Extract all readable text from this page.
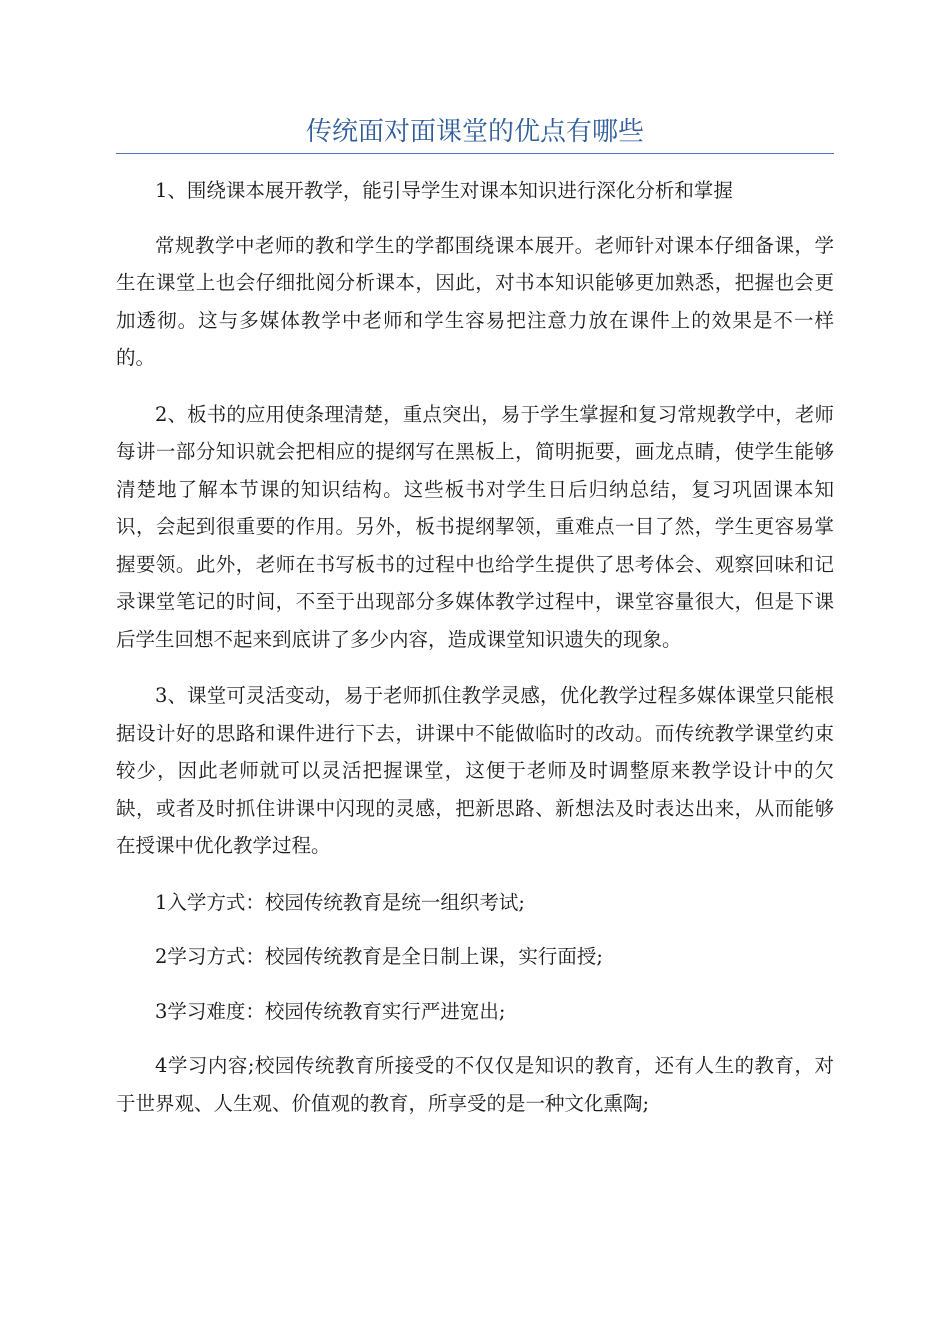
传统面对面课堂的优点有哪些

1、围绕课本展开教学，能引导学生对课本知识进行深化分析和掌握

常规教学中老师的教和学生的学都围绕课本展开。老师针对课本仔细备课，学生在课堂上也会仔细批阅分析课本，因此，对书本知识能够更加熟悉，把握也会更加透彻。这与多媒体教学中老师和学生容易把注意力放在课件上的效果是不一样的。

2、板书的应用使条理清楚，重点突出，易于学生掌握和复习常规教学中，老师每讲一部分知识就会把相应的提纲写在黑板上，简明扼要，画龙点睛，使学生能够清楚地了解本节课的知识结构。这些板书对学生日后归纳总结，复习巩固课本知识，会起到很重要的作用。另外，板书提纲挈领，重难点一目了然，学生更容易掌握要领。此外，老师在书写板书的过程中也给学生提供了思考体会、观察回味和记录课堂笔记的时间，不至于出现部分多媒体教学过程中，课堂容量很大，但是下课后学生回想不起来到底讲了多少内容，造成课堂知识遗失的现象。

3、课堂可灵活变动，易于老师抓住教学灵感，优化教学过程多媒体课堂只能根据设计好的思路和课件进行下去，讲课中不能做临时的改动。而传统教学课堂约束较少，因此老师就可以灵活把握课堂，这便于老师及时调整原来教学设计中的欠缺，或者及时抓住讲课中闪现的灵感，把新思路、新想法及时表达出来，从而能够在授课中优化教学过程。

1入学方式：校园传统教育是统一组织考试;

2学习方式：校园传统教育是全日制上课，实行面授;

3学习难度：校园传统教育实行严进宽出;

4学习内容;校园传统教育所接受的不仅仅是知识的教育，还有人生的教育，对于世界观、人生观、价值观的教育，所享受的是一种文化熏陶;
